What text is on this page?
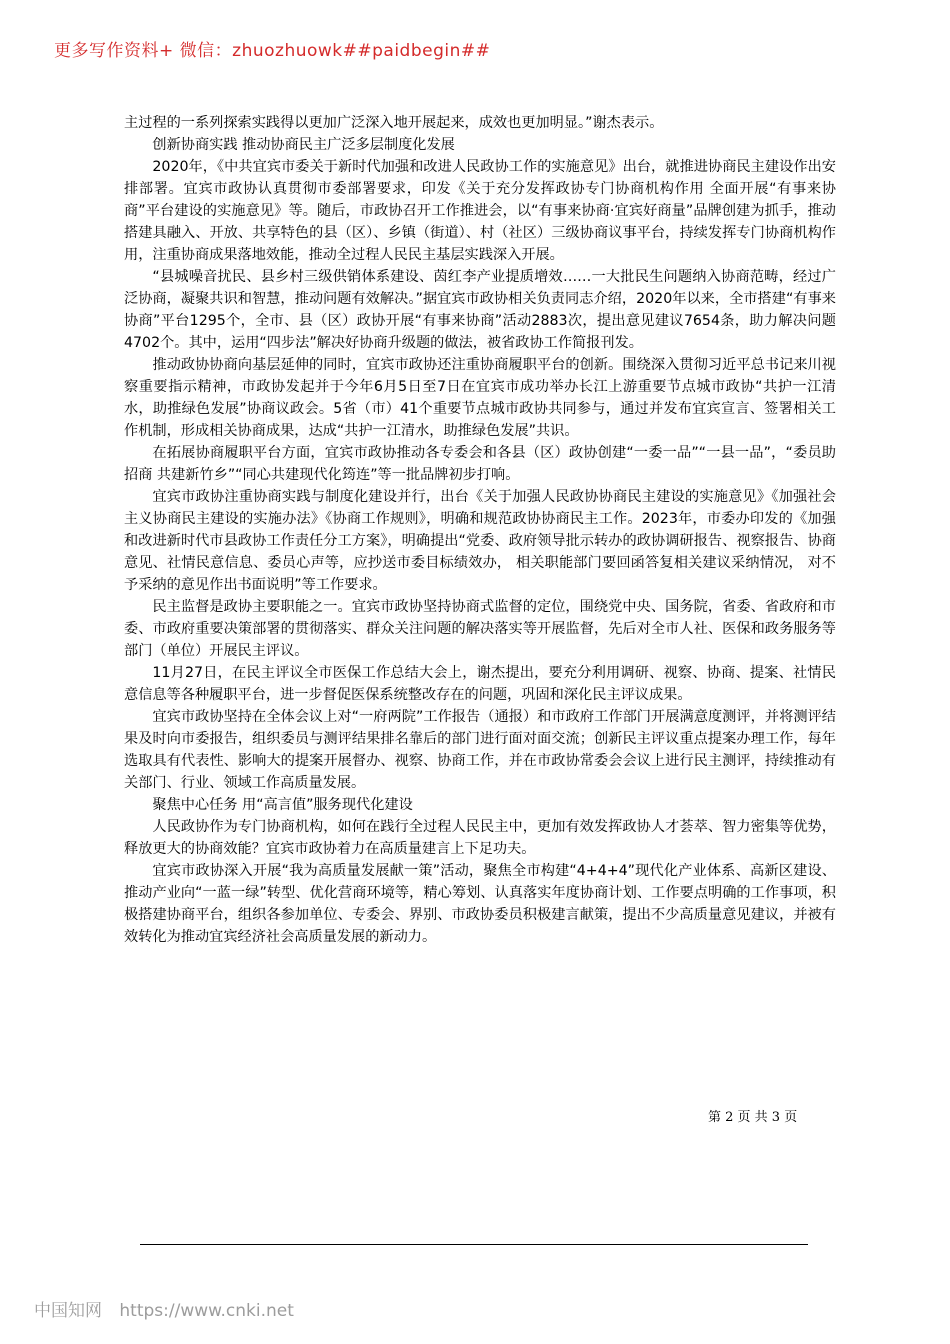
更多写作资料+ 微信：zhuozhuowk##paidbegin##

主过程的一系列探索实践得以更加广泛深入地开展起来，成效也更加明显。”谢杰表示。

创新协商实践 推动协商民主广泛多层制度化发展

2020年，《中共宜宾市委关于新时代加强和改进人民政协工作的实施意见》出台，就推进协商民主建设作出安排部署。宜宾市政协认真贯彻市委部署要求，印发《关于充分发挥政协专门协商机构作用 全面开展“有事来协商”平台建设的实施意见》等。随后，市政协召开工作推进会，以“有事来协商·宜宾好商量”品牌创建为抓手，推动搭建具融入、开放、共享特色的县（区）、乡镇（街道）、村（社区）三级协商议事平台，持续发挥专门协商机构作用，注重协商成果落地效能，推动全过程人民民主基层实践深入开展。

“县城噪音扰民、县乡村三级供销体系建设、茵红李产业提质增效……一大批民生问题纳入协商范畴，经过广泛协商，凝聚共识和智慧，推动问题有效解决。”据宜宾市政协相关负责同志介绍，2020年以来，全市搭建“有事来协商”平台1295个，全市、县（区）政协开展“有事来协商”活动2883次，提出意见建议7654条，助力解决问题4702个。其中，运用“四步法”解决好协商升级题的做法，被省政协工作简报刊发。

推动政协协商向基层延伸的同时，宜宾市政协还注重协商履职平台的创新。围绕深入贯彻习近平总书记来川视察重要指示精神，市政协发起并于今年6月5日至7日在宜宾市成功举办长江上游重要节点城市政协“共护一江清水，助推绿色发展”协商议政会。5省（市）41个重要节点城市政协共同参与，通过并发布宜宾宣言、签署相关工作机制，形成相关协商成果，达成“共护一江清水，助推绿色发展”共识。

在拓展协商履职平台方面，宜宾市政协推动各专委会和各县（区）政协创建“一委一品”“一县一品”，“委员助招商 共建新竹乡”“同心共建现代化筠连”等一批品牌初步打响。

宜宾市政协注重协商实践与制度化建设并行，出台《关于加强人民政协协商民主建设的实施意见》《加强社会主义协商民主建设的实施办法》《协商工作规则》，明确和规范政协协商民主工作。2023年，市委办印发的《加强和改进新时代市县政协工作责任分工方案》，明确提出“党委、政府领导批示转办的政协调研报告、视察报告、协商意见、社情民意信息、委员心声等，应抄送市委目标绩效办， 相关职能部门要回函答复相关建议采纳情况， 对不予采纳的意见作出书面说明”等工作要求。

民主监督是政协主要职能之一。宜宾市政协坚持协商式监督的定位，围绕党中央、国务院，省委、省政府和市委、市政府重要决策部署的贯彻落实、群众关注问题的解决落实等开展监督，先后对全市人社、医保和政务服务等部门（单位）开展民主评议。

11月27日，在民主评议全市医保工作总结大会上，谢杰提出，要充分利用调研、视察、协商、提案、社情民意信息等各种履职平台，进一步督促医保系统整改存在的问题，巩固和深化民主评议成果。

宜宾市政协坚持在全体会议上对“一府两院”工作报告（通报）和市政府工作部门开展满意度测评，并将测评结果及时向市委报告，组织委员与测评结果排名靠后的部门进行面对面交流；创新民主评议重点提案办理工作，每年选取具有代表性、影响大的提案开展督办、视察、协商工作，并在市政协常委会会议上进行民主测评，持续推动有关部门、行业、领域工作高质量发展。

聚焦中心任务 用“高言值”服务现代化建设

人民政协作为专门协商机构，如何在践行全过程人民民主中，更加有效发挥政协人才荟萃、智力密集等优势，释放更大的协商效能？宜宾市政协着力在高质量建言上下足功夫。

宜宾市政协深入开展“我为高质量发展献一策”活动，聚焦全市构建“4+4+4”现代化产业体系、高新区建设、推动产业向“一蓝一绿”转型、优化营商环境等，精心筹划、认真落实年度协商计划、工作要点明确的工作事项，积极搭建协商平台，组织各参加单位、专委会、界别、市政协委员积极建言献策，提出不少高质量意见建议，并被有效转化为推动宜宾经济社会高质量发展的新动力。

第 2 页 共 3 页
中国知网 https://www.cnki.net
